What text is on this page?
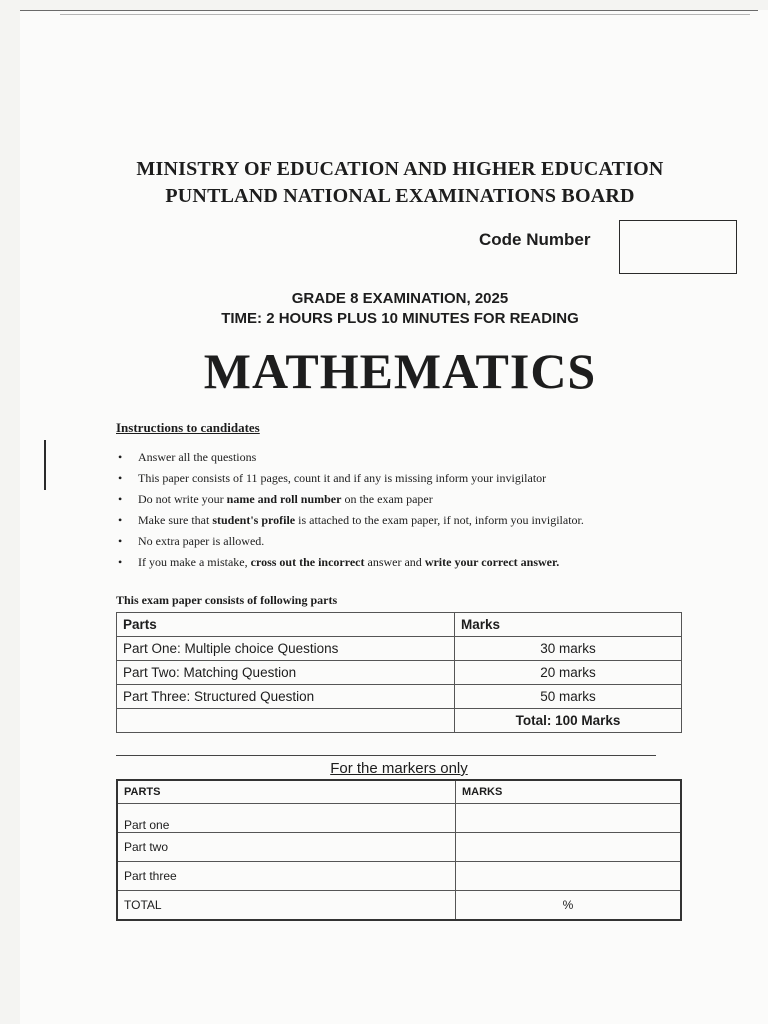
MINISTRY OF EDUCATION AND HIGHER EDUCATION
PUNTLAND NATIONAL EXAMINATIONS BOARD
Code Number
GRADE 8 EXAMINATION, 2025
TIME: 2 HOURS PLUS 10 MINUTES FOR READING
MATHEMATICS
Instructions to candidates
• Answer all the questions
• This paper consists of 11 pages, count it and if any is missing inform your invigilator
• Do not write your name and roll number on the exam paper
• Make sure that student's profile is attached to the exam paper, if not, inform you invigilator.
• No extra paper is allowed.
• If you make a mistake, cross out the incorrect answer and write your correct answer.
This exam paper consists of following parts
Parts	Marks
Part One: Multiple choice Questions	30 marks
Part Two: Matching Question	20 marks
Part Three: Structured Question	50 marks
	Total: 100 Marks
For the markers only
PARTS	MARKS
Part one	
Part two	
Part three	
TOTAL	%
